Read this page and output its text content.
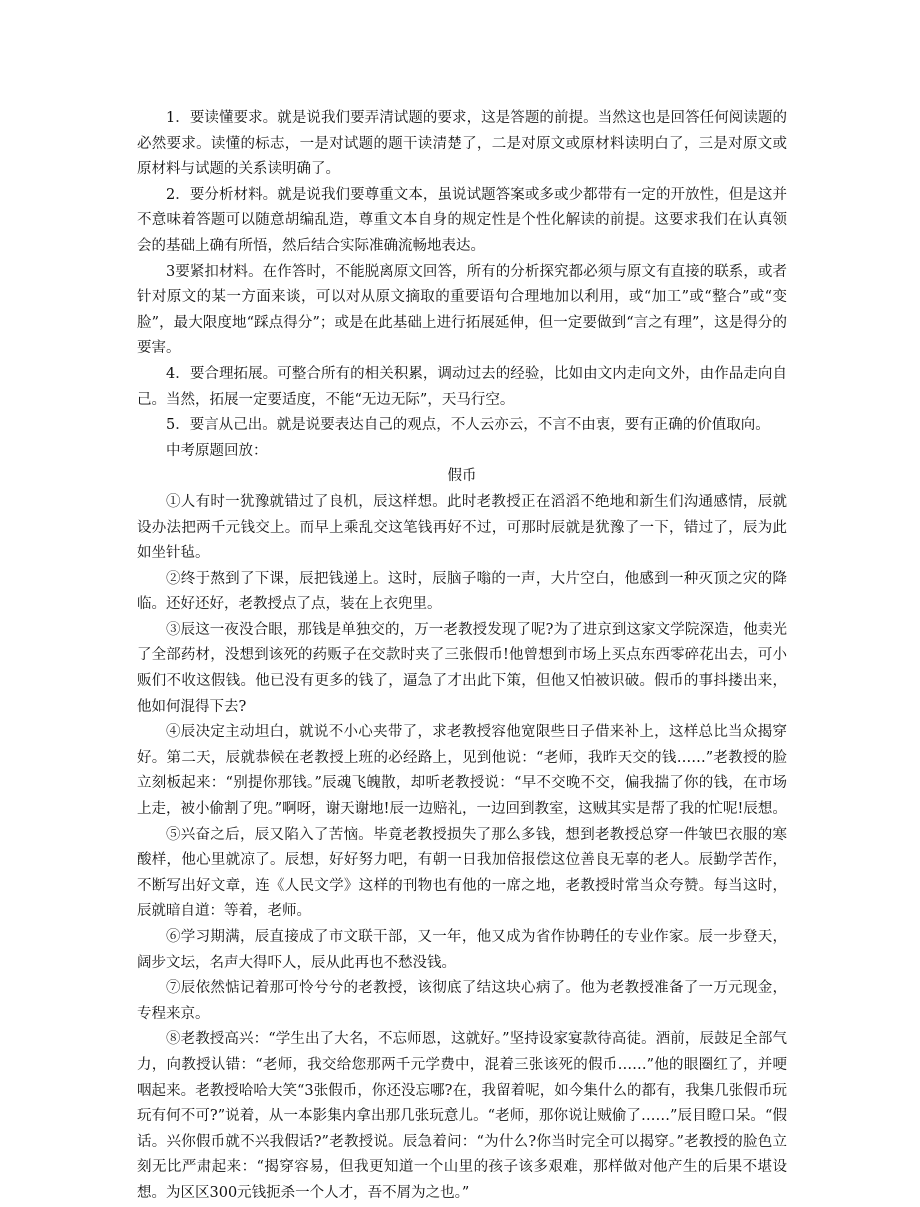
1．要读懂要求。就是说我们要弄清试题的要求，这是答题的前提。当然这也是回答任何阅读题的必然要求。读懂的标志，一是对试题的题干读清楚了，二是对原文或原材料读明白了，三是对原文或原材料与试题的关系读明确了。

2．要分析材料。就是说我们要尊重文本，虽说试题答案或多或少都带有一定的开放性，但是这并不意味着答题可以随意胡编乱造，尊重文本自身的规定性是个性化解读的前提。这要求我们在认真领会的基础上确有所悟，然后结合实际准确流畅地表达。

3要紧扣材料。在作答时，不能脱离原文回答，所有的分析探究都必须与原文有直接的联系，或者针对原文的某一方面来谈，可以对从原文摘取的重要语句合理地加以利用，或“加工”或“整合”或“变脸”，最大限度地“踩点得分”；或是在此基础上进行拓展延伸，但一定要做到“言之有理”，这是得分的要害。

4．要合理拓展。可整合所有的相关积累，调动过去的经验，比如由文内走向文外，由作品走向自己。当然，拓展一定要适度，不能“无边无际”，天马行空。

5．要言从己出。就是说要表达自己的观点，不人云亦云，不言不由衷，要有正确的价值取向。

中考原题回放：

假币

①人有时一犹豫就错过了良机，辰这样想。此时老教授正在滔滔不绝地和新生们沟通感情，辰就设办法把两千元钱交上。而早上乘乱交这笔钱再好不过，可那时辰就是犹豫了一下，错过了，辰为此如坐针毡。

②终于熬到了下课，辰把钱递上。这时，辰脑子嗡的一声，大片空白，他感到一种灭顶之灾的降临。还好还好，老教授点了点，装在上衣兜里。

③辰这一夜没合眼，那钱是单独交的，万一老教授发现了呢?为了进京到这家文学院深造，他卖光了全部药材，没想到该死的药贩子在交款时夹了三张假币!他曾想到市场上买点东西零碎花出去，可小贩们不收这假钱。他已没有更多的钱了，逼急了才出此下策，但他又怕被识破。假币的事抖搂出来，他如何混得下去?

④辰决定主动坦白，就说不小心夹带了，求老教授容他宽限些日子借来补上，这样总比当众揭穿好。第二天，辰就恭候在老教授上班的必经路上，见到他说：“老师，我昨天交的钱……”老教授的脸立刻板起来：“别提你那钱。”辰魂飞魄散，却听老教授说：“早不交晚不交，偏我揣了你的钱，在市场上走，被小偷割了兜。”啊呀，谢天谢地!辰一边赔礼，一边回到教室，这贼其实是帮了我的忙呢!辰想。

⑤兴奋之后，辰又陷入了苦恼。毕竟老教授损失了那么多钱，想到老教授总穿一件皱巴衣服的寒酸样，他心里就凉了。辰想，好好努力吧，有朝一日我加倍报偿这位善良无辜的老人。辰勤学苦作，不断写出好文章，连《人民文学》这样的刊物也有他的一席之地，老教授时常当众夸赞。每当这时，辰就暗自道：等着，老师。

⑥学习期满，辰直接成了市文联干部，又一年，他又成为省作协聘任的专业作家。辰一步登天，阔步文坛，名声大得吓人，辰从此再也不愁没钱。

⑦辰依然惦记着那可怜兮兮的老教授，该彻底了结这块心病了。他为老教授准备了一万元现金，专程来京。

⑧老教授高兴：“学生出了大名，不忘师恩，这就好。”坚持设家宴款待高徒。酒前，辰鼓足全部气力，向教授认错：“老师，我交给您那两千元学费中，混着三张该死的假币……”他的眼圈红了，并哽咽起来。老教授哈哈大笑“3张假币，你还没忘哪?在，我留着呢，如今集什么的都有，我集几张假币玩玩有何不可?”说着，从一本影集内拿出那几张玩意儿。“老师，那你说让贼偷了……”辰目瞪口呆。“假话。兴你假币就不兴我假话?”老教授说。辰急着问：“为什么?你当时完全可以揭穿。”老教授的脸色立刻无比严肃起来：“揭穿容易，但我更知道一个山里的孩子该多艰难，那样做对他产生的后果不堪设想。为区区300元钱扼杀一个人才，吾不屑为之也。”
